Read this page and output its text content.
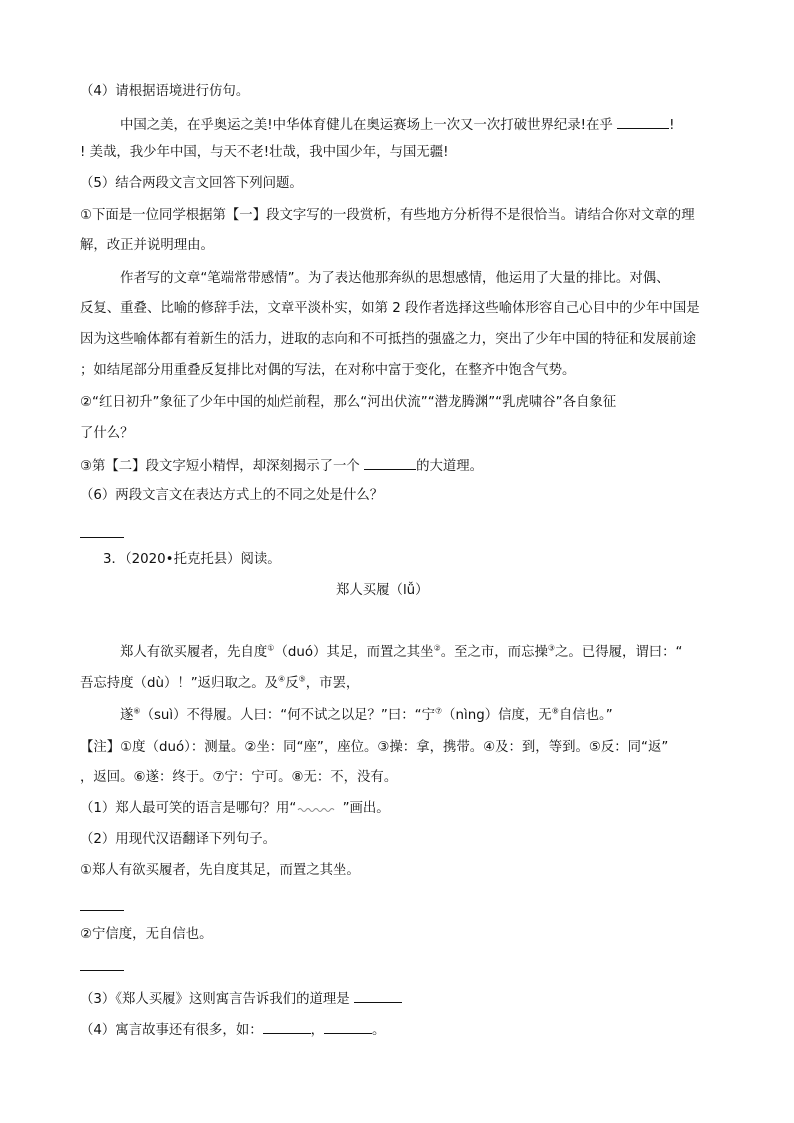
（4）请根据语境进行仿句。
中国之美，在乎奥运之美!中华体育健儿在奥运赛场上一次又一次打破世界纪录!在乎	!
! 美哉，我少年中国，与天不老!壮哉，我中国少年，与国无疆!
（5）结合两段文言文回答下列问题。
①下面是一位同学根据第【一】段文字写的一段赏析，有些地方分析得不是很恰当。请结合你对文章的理
解，改正并说明理由。
作者写的文章“笔端常带感情”。为了表达他那奔纵的思想感情，他运用了大量的排比。对偶、
反复、重叠、比喻的修辞手法，文章平淡朴实，如第 2 段作者选择这些喻体形容自己心目中的少年中国是
因为这些喻体都有着新生的活力，进取的志向和不可抵挡的强盛之力，突出了少年中国的特征和发展前途
；如结尾部分用重叠反复排比对偶的写法，在对称中富于变化，在整齐中饱含气势。
②“红日初升”象征了少年中国的灿烂前程，那么“河出伏流”“潜龙腾渊”“乳虎啸谷”各自象征
了什么？
③第【二】段文字短小精悍，却深刻揭示了一个	的大道理。
（6）两段文言文在表达方式上的不同之处是什么？
3．（2020•托克托县）阅读。
郑人买履（lǚ）
郑人有欲买履者，先自度①（duó）其足，而置之其坐②。至之市，而忘操③之。已得履，谓曰：“
吾忘持度（dù）！”返归取之。及④反⑤，市罢，
遂⑥（suì）不得履。人曰：“何不试之以足？”曰：“宁⑦（nìng）信度，无⑧自信也。”
【注】①度（duó）：测量。②坐：同“座”，座位。③操：拿，携带。④及：到，等到。⑤反：同“返”
，返回。⑥遂：终于。⑦宁：宁可。⑧无：不，没有。
（1）郑人最可笑的语言是哪句？用“	”画出。
（2）用现代汉语翻译下列句子。
①郑人有欲买履者，先自度其足，而置之其坐。
②宁信度，无自信也。
（3）《郑人买履》这则寓言告诉我们的道理是
（4）寓言故事还有很多，如：	，	。
